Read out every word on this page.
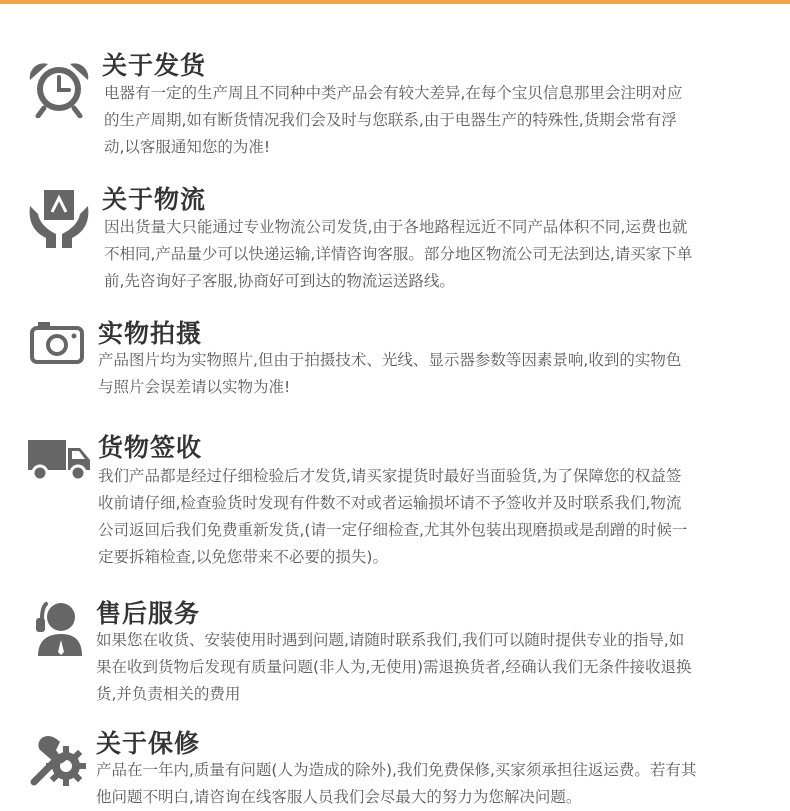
关于发货

电器有一定的生产周且不同种中类产品会有较大差异,在每个宝贝信息那里会注明对应
的生产周期,如有断货情况我们会及时与您联系,由于电器生产的特殊性,货期会常有浮
动,以客服通知您的为准!

关于物流

因出货量大只能通过专业物流公司发货,由于各地路程远近不同产品体积不同,运费也就
不相同,产品量少可以快递运输,详情咨询客服。部分地区物流公司无法到达,请买家下单
前,先咨询好子客服,协商好可到达的物流运送路线。

实物拍摄

产品图片均为实物照片,但由于拍摄技术、光线、显示器参数等因素景响,收到的实物色
与照片会误差请以实物为准!

货物签收

我们产品都是经过仔细检验后才发货,请买家提货时最好当面验货,为了保障您的权益签
收前请仔细,检查验货时发现有件数不对或者运输损坏请不予签收并及时联系我们,物流
公司返回后我们免费重新发货,(请一定仔细检查,尤其外包装出现磨损或是刮蹭的时候一
定要拆箱检查,以免您带来不必要的损失)。

售后服务

如果您在收货、安装使用时遇到问题,请随时联系我们,我们可以随时提供专业的指导,如
果在收到货物后发现有质量问题(非人为,无使用)需退换货者,经确认我们无条件接收退换
货,并负责相关的费用

关于保修

产品在一年内,质量有问题(人为造成的除外),我们免费保修,买家须承担往返运费。若有其
他问题不明白,请咨询在线客服人员我们会尽最大的努力为您解决问题。
